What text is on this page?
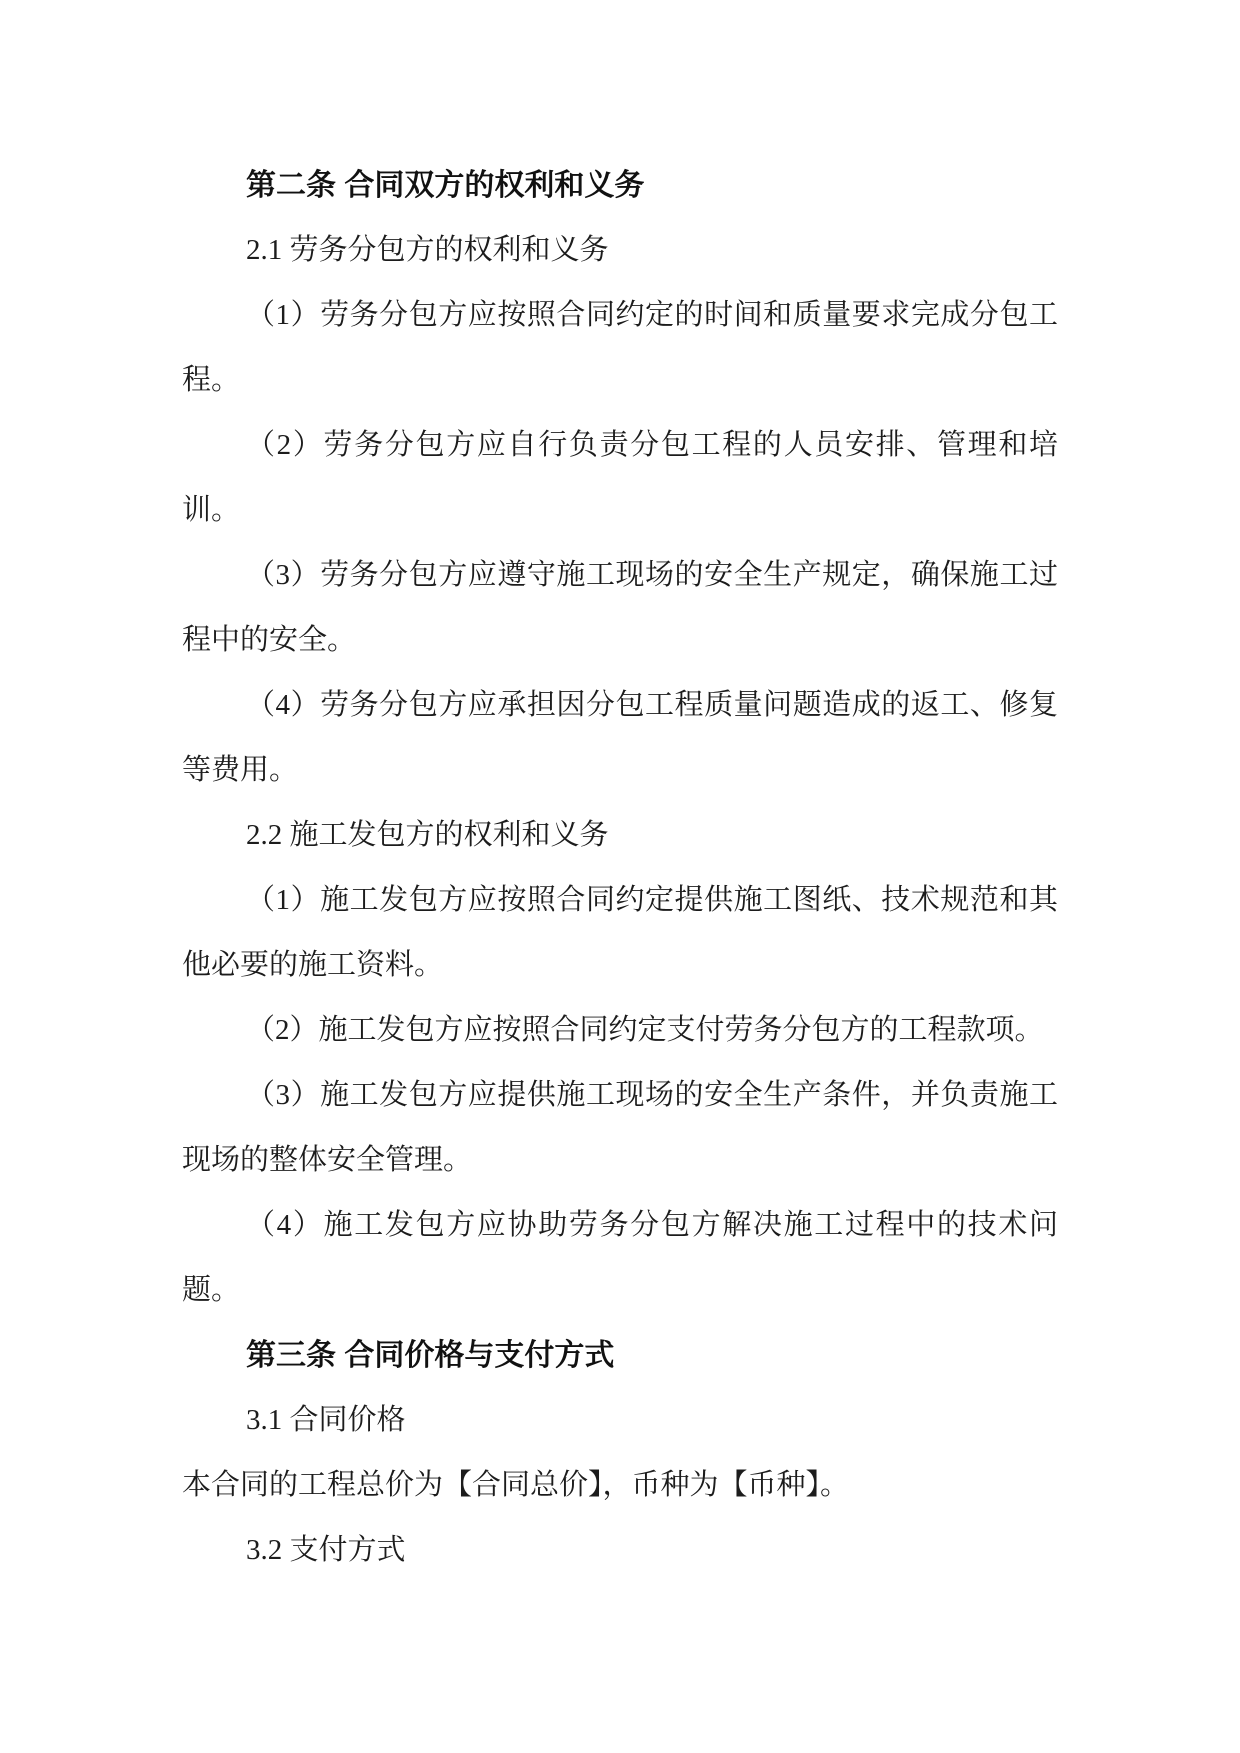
第二条 合同双方的权利和义务

2.1 劳务分包方的权利和义务

（1）劳务分包方应按照合同约定的时间和质量要求完成分包工程。

（2）劳务分包方应自行负责分包工程的人员安排、管理和培训。

（3）劳务分包方应遵守施工现场的安全生产规定，确保施工过程中的安全。

（4）劳务分包方应承担因分包工程质量问题造成的返工、修复等费用。

2.2 施工发包方的权利和义务

（1）施工发包方应按照合同约定提供施工图纸、技术规范和其他必要的施工资料。

（2）施工发包方应按照合同约定支付劳务分包方的工程款项。

（3）施工发包方应提供施工现场的安全生产条件，并负责施工现场的整体安全管理。

（4）施工发包方应协助劳务分包方解决施工过程中的技术问题。

第三条 合同价格与支付方式

3.1 合同价格

本合同的工程总价为【合同总价】，币种为【币种】。

3.2 支付方式
